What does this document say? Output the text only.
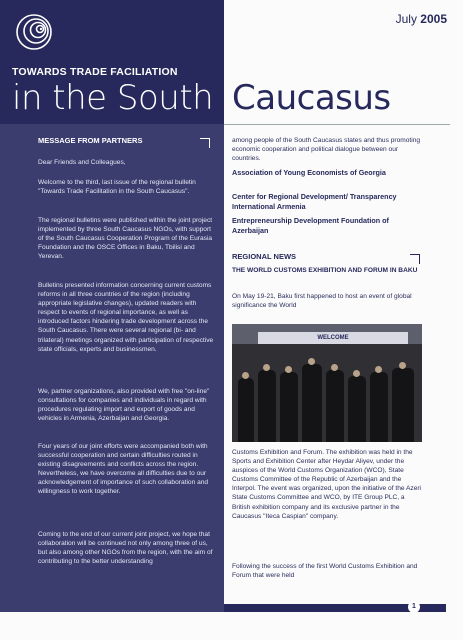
TOWARDS TRADE FACILIATION
in the South
July 2005
Caucasus
MESSAGE FROM PARTNERS
Dear Friends and Colleagues,
Welcome to the third, last issue of the regional bulletin "Towards Trade Facilitation in the South Caucasus".
The regional bulletins were published within the joint project implemented by three South Caucasus NGOs, with support of the South Caucasus Cooperation Program of the Eurasia Foundation and the OSCE Offices in Baku, Tbilisi and Yerevan.
Bulletins presented information concerning current customs reforms in all three countries of the region (including appropriate legislative changes), updated readers with respect to events of regional importance, as well as introduced factors hindering trade development across the South Caucasus. There were several regional (bi- and trilateral) meetings organized with participation of respective state officials, experts and businessmen.
We, partner organizations, also provided with free "on-line" consultations for companies and individuals in regard with procedures regulating import and export of goods and vehicles in Armenia, Azerbaijan and Georgia.
Four years of our joint efforts were accompanied both with successful cooperation and certain difficulties routed in existing disagreements and conflicts across the region. Nevertheless, we have overcome all difficulties due to our acknowledgement of importance of such collaboration and willingness to work together.
Coming to the end of our current joint project, we hope that collaboration will be continued not only among three of us, but also among other NGOs from the region, with the aim of contributing to the better understanding
among people of the South Caucasus states and thus promoting economic cooperation and political dialogue between our countries.
Association of Young Economists of Georgia
Center for Regional Development/ Transparency International Armenia
Entrepreneurship Development Foundation of Azerbaijan
REGIONAL NEWS
THE WORLD CUSTOMS EXHIBITION AND FORUM IN BAKU
On May 19-21, Baku first happened to host an event of global significance the World
Customs Exhibition and Forum. The exhibition was held in the Sports and Exhibition Center after Heydar Aliyev, under the auspices of the World Customs Organization (WCO), State Customs Committee of the Republic of Azerbaijan and the Interpol. The event was organized, upon the initiative of the Azeri State Customs Committee and WCO, by ITE Group PLC, a British exhibition company and its exclusive partner in the Caucasus "Iteca Caspian" company.
Following the success of the first World Customs Exhibition and Forum that were held
WELCOME
1
